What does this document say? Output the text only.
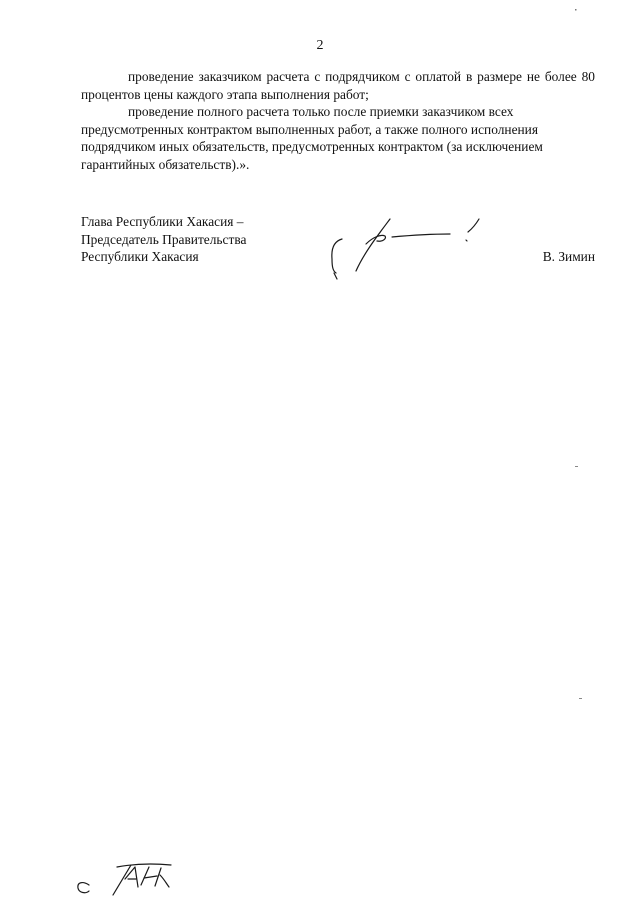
2

проведение заказчиком расчета с подрядчиком с оплатой в размере не более 80 процентов цены каждого этапа выполнения работ;

проведение полного расчета только после приемки заказчиком всех предусмотренных контрактом выполненных работ, а также полного исполнения подрядчиком иных обязательств, предусмотренных контрактом (за исключением гарантийных обязательств).».

Глава Республики Хакасия –
Председатель Правительства
Республики Хакасия	В. Зимин
